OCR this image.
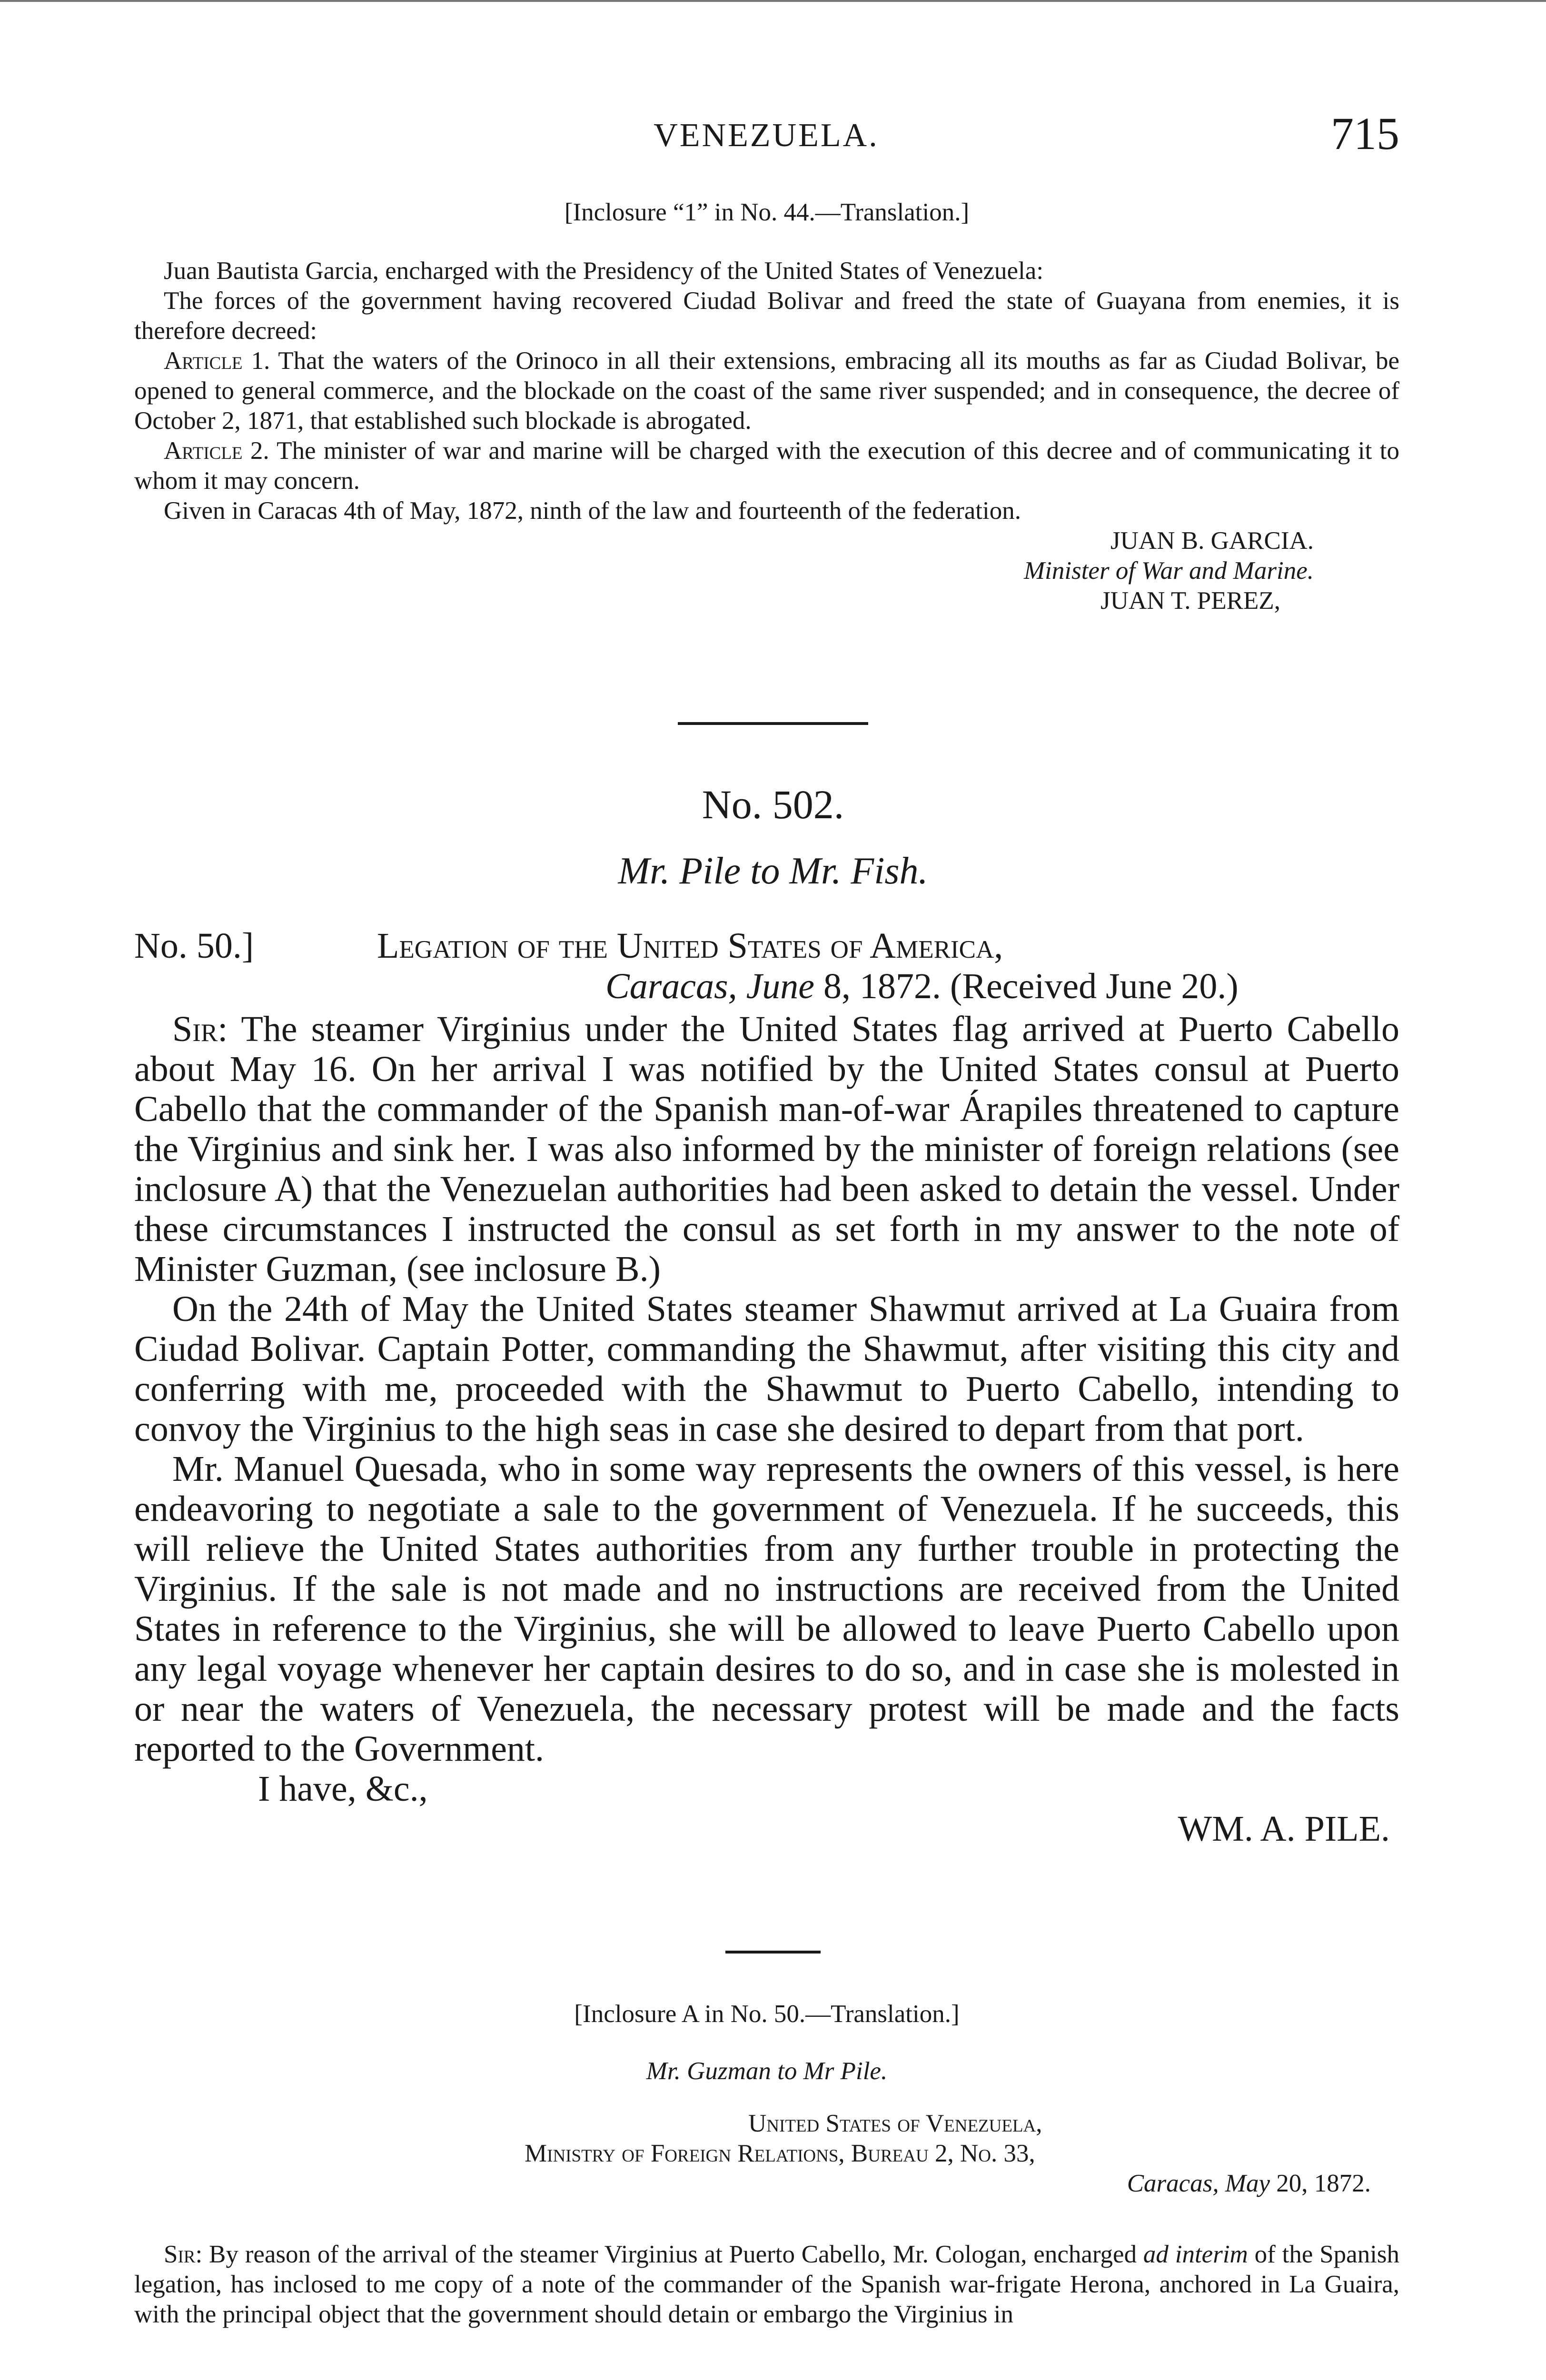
VENEZUELA.	715
[Inclosure “1” in No. 44.—Translation.]

Juan Bautista Garcia, encharged with the Presidency of the United States of Venezuela:

The forces of the government having recovered Ciudad Bolivar and freed the state of Guayana from enemies, it is therefore decreed:

Article 1. That the waters of the Orinoco in all their extensions, embracing all its mouths as far as Ciudad Bolivar, be opened to general commerce, and the blockade on the coast of the same river suspended; and in consequence, the decree of October 2, 1871, that established such blockade is abrogated.

Article 2. The minister of war and marine will be charged with the execution of this decree and of communicating it to whom it may concern.

Given in Caracas 4th of May, 1872, ninth of the law and fourteenth of the federation.

JUAN B. GARCIA.

Minister of War and Marine.

JUAN T. PEREZ,

No. 502.
Mr. Pile to Mr. Fish.
No. 50.]	Legation of the United States of America,
Caracas, June 8, 1872. (Received June 20.)

Sir: The steamer Virginius under the United States flag arrived at Puerto Cabello about May 16. On her arrival I was notified by the United States consul at Puerto Cabello that the commander of the Spanish man-of-war Árapiles threatened to capture the Virginius and sink her. I was also informed by the minister of foreign relations (see inclosure A) that the Venezuelan authorities had been asked to detain the vessel. Under these circumstances I instructed the consul as set forth in my answer to the note of Minister Guzman, (see inclosure B.)

On the 24th of May the United States steamer Shawmut arrived at La Guaira from Ciudad Bolivar. Captain Potter, commanding the Shawmut, after visiting this city and conferring with me, proceeded with the Shawmut to Puerto Cabello, intending to convoy the Virginius to the high seas in case she desired to depart from that port.

Mr. Manuel Quesada, who in some way represents the owners of this vessel, is here endeavoring to negotiate a sale to the government of Venezuela. If he succeeds, this will relieve the United States authorities from any further trouble in protecting the Virginius. If the sale is not made and no instructions are received from the United States in reference to the Virginius, she will be allowed to leave Puerto Cabello upon any legal voyage whenever her captain desires to do so, and in case she is molested in or near the waters of Venezuela, the necessary protest will be made and the facts reported to the Government.

I have, &c.,

WM. A. PILE.

[Inclosure A in No. 50.—Translation.]
Mr. Guzman to Mr Pile.

United States of Venezuela,

Ministry of Foreign Relations, Bureau 2, No. 33,

Caracas, May 20, 1872.

Sir: By reason of the arrival of the steamer Virginius at Puerto Cabello, Mr. Cologan, encharged ad interim of the Spanish legation, has inclosed to me copy of a note of the commander of the Spanish war-frigate Herona, anchored in La Guaira, with the principal object that the government should detain or embargo the Virginius in
